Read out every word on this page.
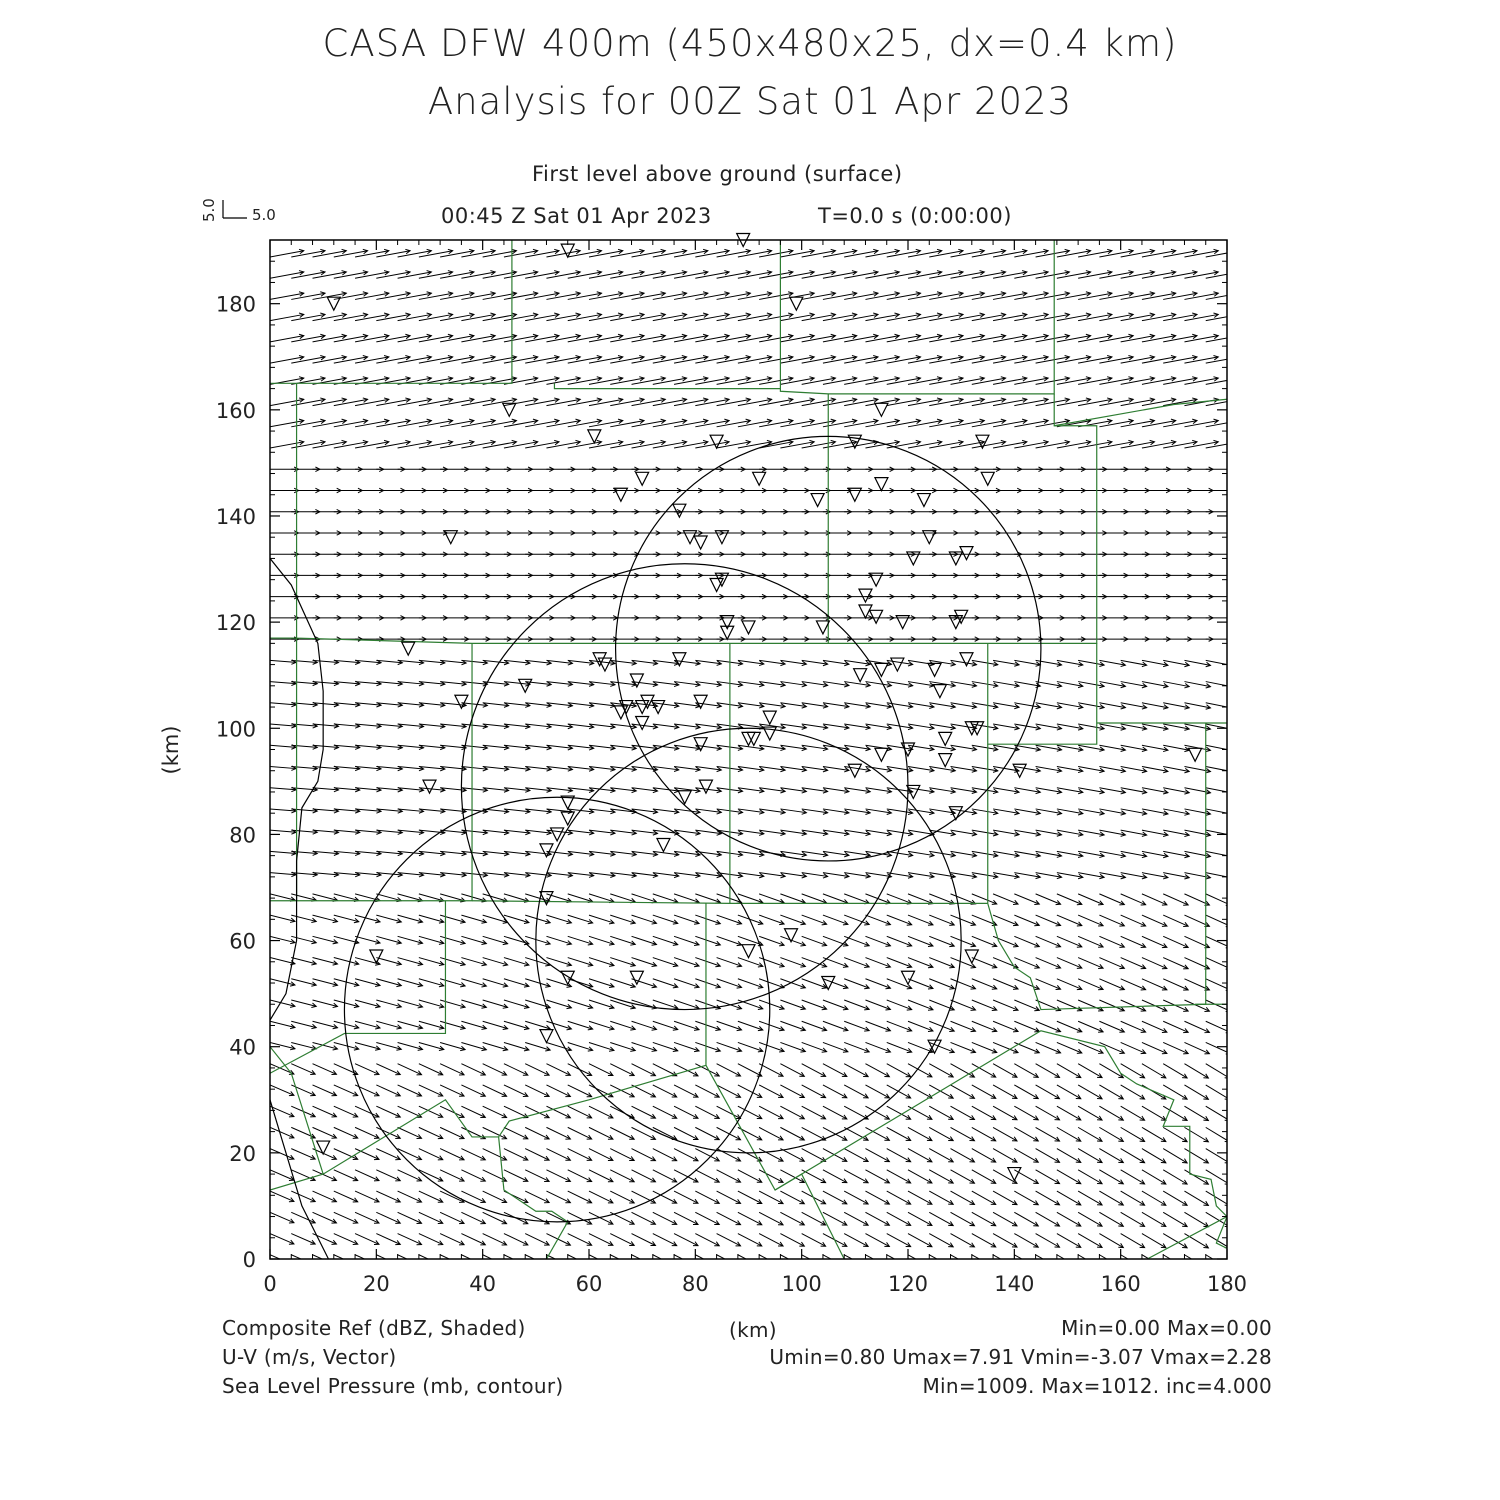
CASA DFW 400m (450x480x25, dx=0.4 km)
Analysis for 00Z Sat 01 Apr 2023
First level above ground (surface)
00:45 Z Sat 01 Apr 2023	T=0.0 s (0:00:00)
0	20	40	60	80	100	120	140	160	180
0
20
40
60
80
100
120
140
160
180
5.0
5.0
(km)
Composite Ref (dBZ, Shaded)
U-V (m/s, Vector)
Sea Level Pressure (mb, contour)
(km)	Min=0.00 Max=0.00
Umin=0.80 Umax=7.91 Vmin=-3.07 Vmax=2.28
Min=1009. Max=1012. inc=4.000
